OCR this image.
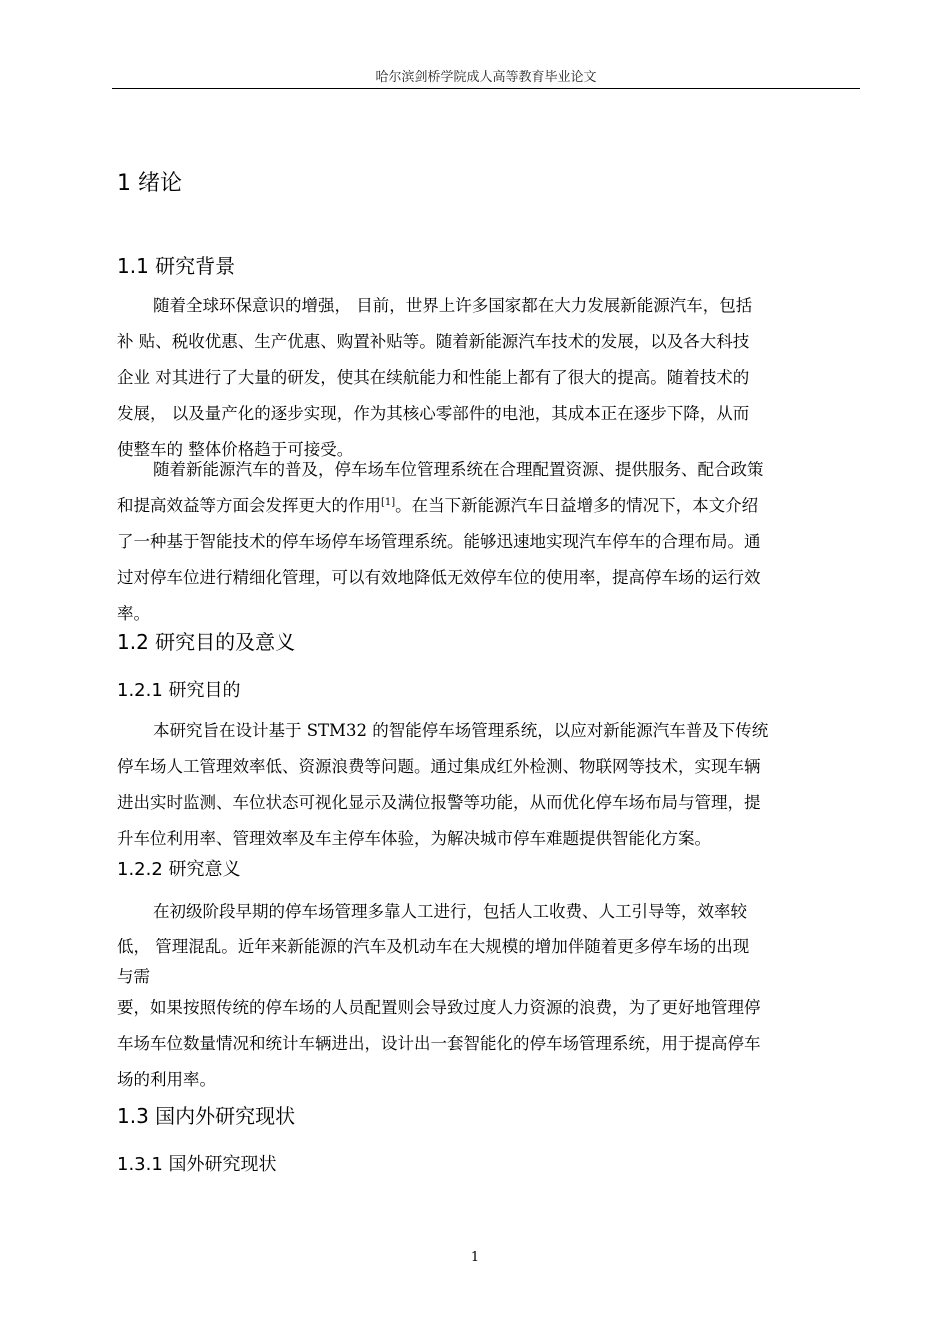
哈尔滨剑桥学院成人高等教育毕业论文
1 绪论
1.1 研究背景

随着全球环保意识的增强， 目前，世界上许多国家都在大力发展新能源汽车，包括
补 贴、税收优惠、生产优惠、购置补贴等。随着新能源汽车技术的发展，以及各大科技
企业 对其进行了大量的研发，使其在续航能力和性能上都有了很大的提高。随着技术的
发展， 以及量产化的逐步实现，作为其核心零部件的电池，其成本正在逐步下降，从而
使整车的 整体价格趋于可接受。

随着新能源汽车的普及，停车场车位管理系统在合理配置资源、提供服务、配合政策
和提高效益等方面会发挥更大的作用[1]。在当下新能源汽车日益增多的情况下，本文介绍
了一种基于智能技术的停车场停车场管理系统。能够迅速地实现汽车停车的合理布局。通
过对停车位进行精细化管理，可以有效地降低无效停车位的使用率，提高停车场的运行效
率。

1.2 研究目的及意义
1.2.1 研究目的

本研究旨在设计基于 STM32 的智能停车场管理系统，以应对新能源汽车普及下传统
停车场人工管理效率低、资源浪费等问题。通过集成红外检测、物联网等技术，实现车辆
进出实时监测、车位状态可视化显示及满位报警等功能，从而优化停车场布局与管理，提
升车位利用率、管理效率及车主停车体验，为解决城市停车难题提供智能化方案。

1.2.2 研究意义

在初级阶段早期的停车场管理多靠人工进行，包括人工收费、人工引导等，效率较
低， 管理混乱。近年来新能源的汽车及机动车在大规模的增加伴随着更多停车场的出现
与需
要，如果按照传统的停车场的人员配置则会导致过度人力资源的浪费，为了更好地管理停
车场车位数量情况和统计车辆进出，设计出一套智能化的停车场管理系统，用于提高停车
场的利用率。

1.3 国内外研究现状
1.3.1 国外研究现状
1
